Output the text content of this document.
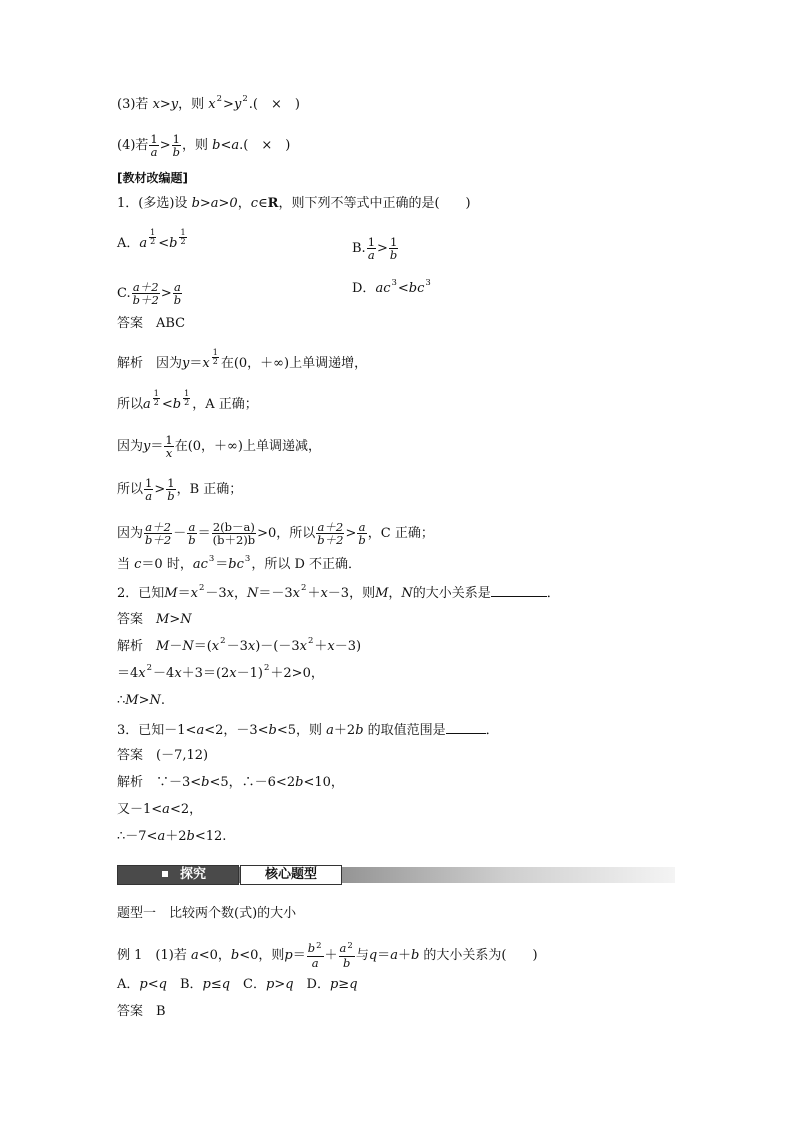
(3)若 x>y，则 $x^2>y^2$.(　×　)
(4)若 $\frac{1}{a} > \frac{1}{b}$ ，则 b<a.(　×　)
[教材改编题]
1．(多选)设 b>a>0，c∈R，则下列不等式中正确的是(　　)
A．a $^{\frac{1}{2}}$ <b $^{\frac{1}{2}}$
B. $\frac{1}{a} > \frac{1}{b}$
C. $\frac{a+2}{b+2} > \frac{a}{b}$	D．$ac^3<bc^3$
答案　ABC
解析　因为y＝x $^{\frac{1}{2}}$ 在(0，＋∞)上单调递增，
所以a $^{\frac{1}{2}}$ <b $^{\frac{1}{2}}$ ，A 正确；
因为$y= \frac{1}{x}$ 在(0，＋∞)上单调递减，
所以 $\frac{1}{a} > \frac{1}{b}$ ，B 正确；
因为 $\frac{a+2}{b+2} - \frac{a}{b} = \frac{2(b-a)}{(b+2)b} >0$，所以 $\frac{a+2}{b+2} > \frac{a}{b}$ ，C 正确；
当 c＝0 时，$ac^3=bc^3$，所以 D 不正确．
2．已知$M=x^2-3x$，$N=-3x^2+x-3$，则M，N的大小关系是	．
答案　M>N
解析　$M-N=(x^2-3x)-(-3x^2+x-3)$
$=4x^2-4x+3=(2x-1)^2+2>0$，
∴M>N.
3．已知－1<a<2，－3<b<5，则 a＋2b 的取值范围是	．
答案　(－7,12)
解析　∵－3<b<5，∴－6<2b<10，
又－1<a<2，
∴－7<a＋2b<12.
探究	核心题型
题型一　比较两个数(式)的大小
例 1　(1)若 a<0，b<0，则$p= \frac{b^2}{a} + \frac{a^2}{b}$ 与q＝a＋b 的大小关系为(　　)
A．p<q　B．p≤q　C．p>q　D．p≥q
答案　B
